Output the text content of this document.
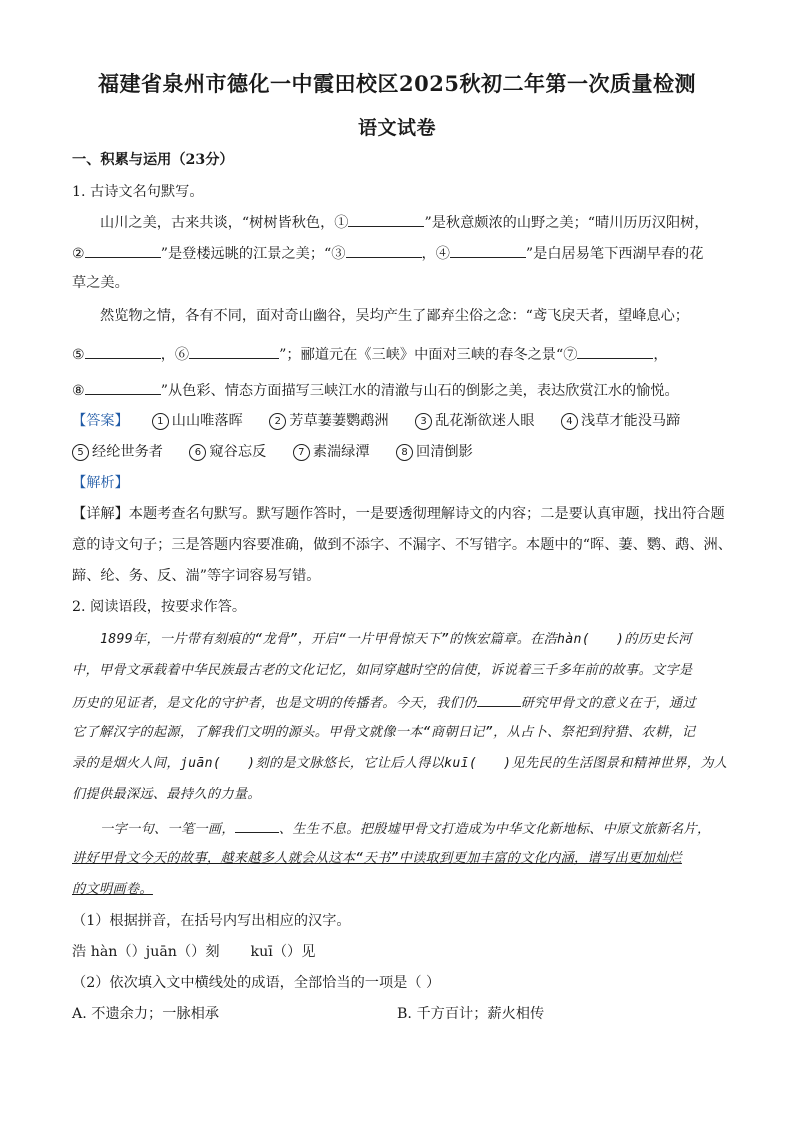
福建省泉州市德化一中霞田校区2025秋初二年第一次质量检测
语文试卷
一、积累与运用（23分）
1. 古诗文名句默写。
山川之美，古来共谈，“树树皆秋色，①	”是秋意颇浓的山野之美；“晴川历历汉阳树，
②	”是登楼远眺的江景之美；“③	，④	”是白居易笔下西湖早春的花
草之美。
然览物之情，各有不同，面对奇山幽谷，吴均产生了鄙弃尘俗之念：“鸢飞戾天者，望峰息心；
⑤	，⑥	”；郦道元在《三峡》中面对三峡的春冬之景“⑦	，
⑧	”从色彩、情态方面描写三峡江水的清澈与山石的倒影之美，表达欣赏江水的愉悦。
【答案】	1 山山唯落晖	2 芳草萋萋鹦鹉洲	3 乱花渐欲迷人眼	4 浅草才能没马蹄
5 经纶世务者	6 窥谷忘反	7 素湍绿潭	8 回清倒影
【解析】
【详解】本题考查名句默写。默写题作答时，一是要透彻理解诗文的内容；二是要认真审题，找出符合题
意的诗文句子；三是答题内容要准确，做到不添字、不漏字、不写错字。本题中的“晖、萋、鹦、鹉、洲、
蹄、纶、务、反、湍”等字词容易写错。
2. 阅读语段，按要求作答。
1899年，一片带有刻痕的“龙骨”，开启“一片甲骨惊天下”的恢宏篇章。在浩hàn( )的历史长河
中，甲骨文承载着中华民族最古老的文化记忆，如同穿越时空的信使，诉说着三千多年前的故事。文字是
历史的见证者，是文化的守护者，也是文明的传播者。今天，我们仍	研究甲骨文的意义在于，通过
它了解汉字的起源，了解我们文明的源头。甲骨文就像一本“商朝日记”，从占卜、祭祀到狩猎、农耕，记
录的是烟火人间，juān( )刻的是文脉悠长，它让后人得以kuī( )见先民的生活图景和精神世界，为人
们提供最深远、最持久的力量。
一字一句、一笔一画，	、生生不息。把殷墟甲骨文打造成为中华文化新地标、中原文旅新名片，
讲好甲骨文今天的故事，越来越多人就会从这本“天书”中读取到更加丰富的文化内涵，谱写出更加灿烂
的文明画卷。
（1）根据拼音，在括号内写出相应的汉字。
浩 hàn（）juān（）刻 kuī（）见
（2）依次填入文中横线处的成语，全部恰当的一项是（ ）
A. 不遗余力；一脉相承	B. 千方百计；薪火相传
